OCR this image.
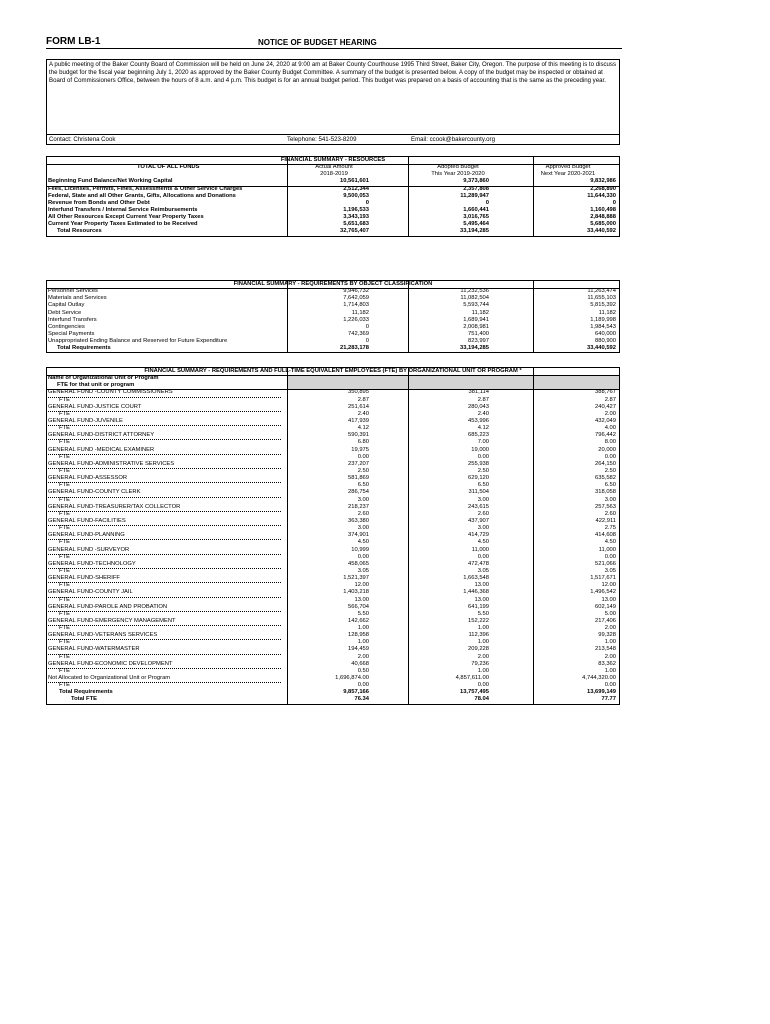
FORM LB-1	NOTICE OF BUDGET HEARING
A public meeting of the Baker County Board of Commission will be held on June 24, 2020 at 9:00 am at Baker County Courthouse 1995 Third Street, Baker City, Oregon. The purpose of this meeting is to discuss the budget for the fiscal year beginning July 1, 2020 as approved by the Baker County Budget Committee. A summary of the budget is presented below. A copy of the budget may be inspected or obtained at Board of Commissioners Office, between the hours of 8 a.m. and 4 p.m. This budget is for an annual budget period. This budget was prepared on a basis of accounting that is the same as the preceding year.
Contact: Christena Cook	Telephone: 541-523-8209	Email: ccook@bakercounty.org
FINANCIAL SUMMARY - RESOURCES
TOTAL OF ALL FUNDS	Actual Amount	Adopted Budget	Approved Budget
2018-2019	This Year 2019-2020	Next Year 2020-2021
Beginning Fund Balance/Net Working Capital	10,561,601	9,373,860	9,832,986
Fees, Licenses, Permits, Fines, Assessments & Other Service Charges	2,512,344	2,357,808	2,268,890
Federal, State and all Other Grants, Gifts, Allocations and Donations	9,500,053	11,289,947	11,644,330
Revenue from Bonds and Other Debt	0	0	0
Interfund Transfers / Internal Service Reimbursements	1,196,533	1,660,441	1,160,498
All Other Resources Except Current Year Property Taxes	3,343,193	3,016,765	2,848,888
Current Year Property Taxes Estimated to be Received	5,651,683	5,495,464	5,685,000
Total Resources	32,765,407	33,194,285	33,440,592
FINANCIAL SUMMARY - REQUIREMENTS BY OBJECT CLASSIFICATION
Personnel Services	9,946,732	11,232,536	11,263,474
Materials and Services	7,642,059	11,082,504	11,655,103
Capital Outlay	1,714,803	5,593,744	5,815,392
Debt Service	11,182	11,182	11,182
Interfund Transfers	1,226,033	1,689,941	1,189,998
Contingencies	0	2,008,981	1,984,543
Special Payments	742,369	751,400	640,000
Unappropriated Ending Balance and Reserved for Future Expenditure	0	823,997	880,900
Total Requirements	21,283,178	33,194,285	33,440,592
FINANCIAL SUMMARY - REQUIREMENTS AND FULL-TIME EQUIVALENT EMPLOYEES (FTE) BY ORGANIZATIONAL UNIT OR PROGRAM *
Name of Organizational Unit or Program
FTE for that unit or program
GENERAL FUND -COUNTY COMMISSIONERS	350,895	381,114	388,767
FTE	2.87	2.87	2.87
GENERAL FUND-JUSTICE COURT	251,614	280,043	240,427
FTE	2.40	2.40	2.00
GENERAL FUND-JUVENILE	417,939	453,996	432,049
FTE	4.12	4.12	4.00
GENERAL FUND-DISTRICT ATTORNEY	590,391	685,223	796,442
FTE	6.80	7.00	8.00
GENERAL FUND -MEDICAL EXAMINER	19,975	19,000	20,000
FTE	0.00	0.00	0.00
GENERAL FUND-ADMINISTRATIVE SERVICES	237,207	255,938	264,150
FTE	2.50	2.50	2.50
GENERAL FUND-ASSESSOR	581,869	629,120	635,582
FTE	6.50	6.50	6.50
GENERAL FUND-COUNTY CLERK	286,754	311,504	318,058
FTE	3.00	3.00	3.00
GENERAL FUND-TREASURER/TAX COLLECTOR	218,237	243,615	257,563
FTE	2.60	2.60	2.60
GENERAL FUND-FACILITIES	363,380	437,907	422,911
FTE	3.00	3.00	2.75
GENERAL FUND-PLANNING	374,901	414,729	414,608
FTE	4.50	4.50	4.50
GENERAL FUND -SURVEYOR	10,999	11,000	11,000
FTE	0.00	0.00	0.00
GENERAL FUND-TECHNOLOGY	458,065	472,478	521,066
FTE	3.05	3.05	3.05
GENERAL FUND-SHERIFF	1,521,397	1,663,548	1,517,671
FTE	12.00	13.00	12.00
GENERAL FUND-COUNTY JAIL	1,403,218	1,446,368	1,496,542
FTE	13.00	13.00	13.00
GENERAL FUND-PAROLE AND PROBATION	566,704	641,199	602,149
FTE	5.50	5.50	5.00
GENERAL FUND-EMERGENCY MANAGEMENT	142,662	152,222	217,406
FTE	1.00	1.00	2.00
GENERAL FUND-VETERANS SERVICES	128,958	112,396	99,328
FTE	1.00	1.00	1.00
GENERAL FUND-WATERMASTER	194,459	209,228	213,548
FTE	2.00	2.00	2.00
GENERAL FUND-ECONOMIC DEVELOPMENT	40,668	79,236	83,362
FTE	0.50	1.00	1.00
Not Allocated to Organizational Unit or Program	1,696,874.00	4,857,611.00	4,744,320.00
FTE	0.00	0.00	0.00
Total Requirements	9,857,166	13,757,495	13,699,149
Total FTE	76.34	78.04	77.77
